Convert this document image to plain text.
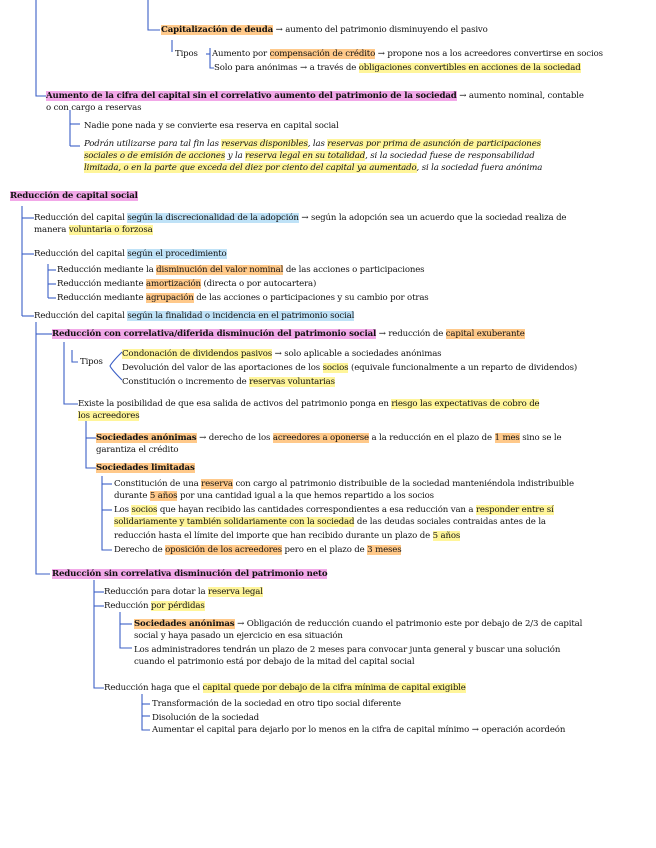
Capitalización de deuda → aumento del patrimonio disminuyendo el pasivo
Tipos Aumento por compensación de crédito → propone nos a los acreedores convertirse en socios
Solo para anónimas → a través de obligaciones convertibles en acciones de la sociedad
Aumento de la cifra del capital sin el correlativo aumento del patrimonio de la sociedad → aumento nominal, contable
o con cargo a reservas
Nadie pone nada y se convierte esa reserva en capital social
Podrán utilizarse para tal fin las reservas disponibles, las reservas por prima de asunción de participaciones
sociales o de emisión de acciones y la reserva legal en su totalidad, si la sociedad fuese de responsabilidad
limitada, o en la parte que exceda del diez por ciento del capital ya aumentado, si la sociedad fuera anónima
Reducción de capital social
Reducción del capital según la discrecionalidad de la adopción → según la adopción sea un acuerdo que la sociedad realiza de
manera voluntaria o forzosa
Reducción del capital según el procedimiento
Reducción mediante la disminución del valor nominal de las acciones o participaciones
Reducción mediante amortización (directa o por autocartera)
Reducción mediante agrupación de las acciones o participaciones y su cambio por otras
Reducción del capital según la finalidad o incidencia en el patrimonio social
Reducción con correlativa/diferida disminución del patrimonio social → reducción de capital exuberante
Tipos
Condonación de dividendos pasivos → solo aplicable a sociedades anónimas
Devolución del valor de las aportaciones de los socios (equivale funcionalmente a un reparto de dividendos)
Constitución o incremento de reservas voluntarias
Existe la posibilidad de que esa salida de activos del patrimonio ponga en riesgo las expectativas de cobro de
los acreedores
Sociedades anónimas → derecho de los acreedores a oponerse a la reducción en el plazo de 1 mes sino se le
garantiza el crédito
Sociedades limitadas
Constitución de una reserva con cargo al patrimonio distribuible de la sociedad manteniéndola indistribuible
durante 5 años por una cantidad igual a la que hemos repartido a los socios
Los socios que hayan recibido las cantidades correspondientes a esa reducción van a responder entre sí
solidariamente y también solidariamente con la sociedad de las deudas sociales contraidas antes de la
reducción hasta el límite del importe que han recibido durante un plazo de 5 años
Derecho de oposición de los acreedores pero en el plazo de 3 meses
Reducción sin correlativa disminución del patrimonio neto
Reducción para dotar la reserva legal
Reducción por pérdidas
Sociedades anónimas → Obligación de reducción cuando el patrimonio este por debajo de 2/3 de capital
social y haya pasado un ejercicio en esa situación
Los administradores tendrán un plazo de 2 meses para convocar junta general y buscar una solución
cuando el patrimonio está por debajo de la mitad del capital social
Reducción haga que el capital quede por debajo de la cifra mínima de capital exigible
Transformación de la sociedad en otro tipo social diferente
Disolución de la sociedad
Aumentar el capital para dejarlo por lo menos en la cifra de capital mínimo → operación acordeón
